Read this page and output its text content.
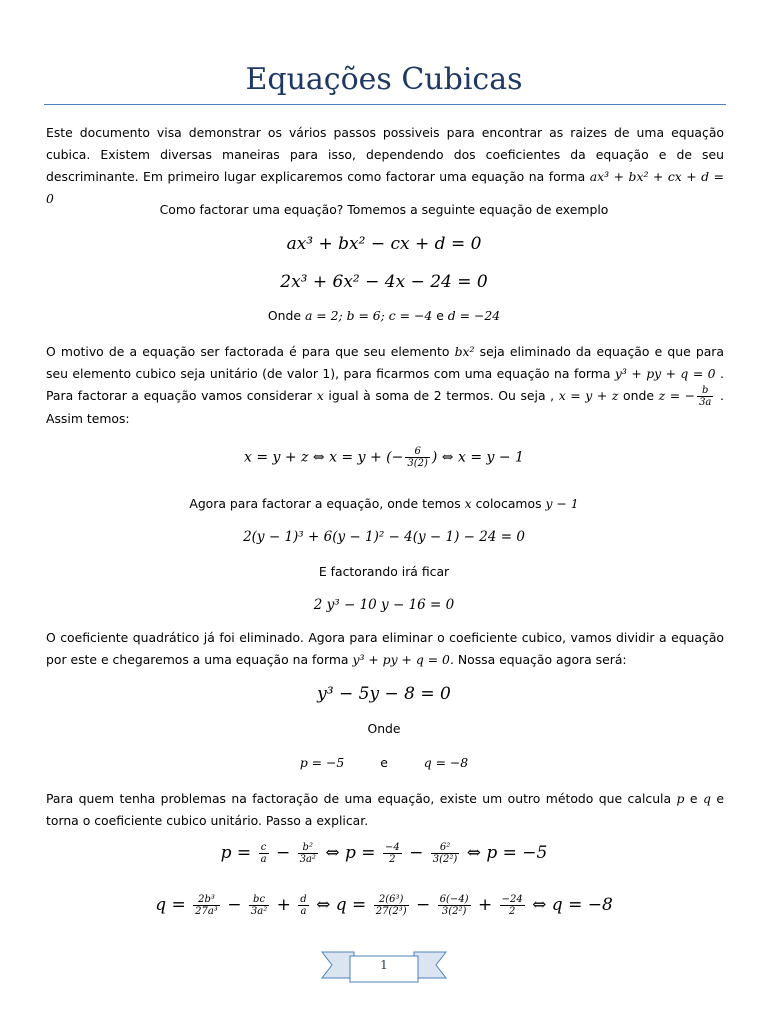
Equações Cubicas
Este documento visa demonstrar os vários passos possiveis para encontrar as raizes de uma equação cubica. Existem diversas maneiras para isso, dependendo dos coeficientes da equação e de seu descriminante. Em primeiro lugar explicaremos como factorar uma equação na forma ax³ + bx² + cx + d = 0
Como factorar uma equação? Tomemos a seguinte equação de exemplo
ax³ + bx² − cx + d = 0
2x³ + 6x² − 4x − 24 = 0
Onde a = 2; b = 6; c = −4 e d = −24
O motivo de a equação ser factorada é para que seu elemento bx² seja eliminado da equação e que para seu elemento cubico seja unitário (de valor 1), para ficarmos com uma equação na forma y³ + py + q = 0 . Para factorar a equação vamos considerar x igual à soma de 2 termos. Ou seja , x = y + z onde z = − $\frac{b}{3a}$ . Assim temos:
x = y + z ⇔ x = y + (− $\frac{6}{3(2)}$ ) ⇔ x = y − 1
Agora para factorar a equação, onde temos x colocamos y − 1
2(y − 1)³ + 6(y − 1)² − 4(y − 1) − 24 = 0
E factorando irá ficar
2 y³ − 10 y − 16 = 0
O coeficiente quadrático já foi eliminado. Agora para eliminar o coeficiente cubico, vamos dividir a equação por este e chegaremos a uma equação na forma y³ + py + q = 0. Nossa equação agora será:
y³ − 5y − 8 = 0
Onde
p = −5	e	q = −8
Para quem tenha problemas na factoração de uma equação, existe um outro método que calcula p e q e torna o coeficiente cubico unitário. Passo a explicar.
$p = \frac{c}{a} - \frac{\text{b²}}{\text{3a²}}$ ⇔ $p = \frac{-4}{2} - \frac{\text{6²}}{\text{3(2²)}}$ ⇔ p = −5
$q = \frac{\text{2b³}}{\text{27a³}} - \frac{bc}{\text{3a²}} + \frac{d}{a}$ ⇔ $q = \frac{\text{2(6³)}}{\text{27(2³)}} - \frac{6(-4)}{\text{3(2²)}} + \frac{-24}{2}$ ⇔ q = −8
1
